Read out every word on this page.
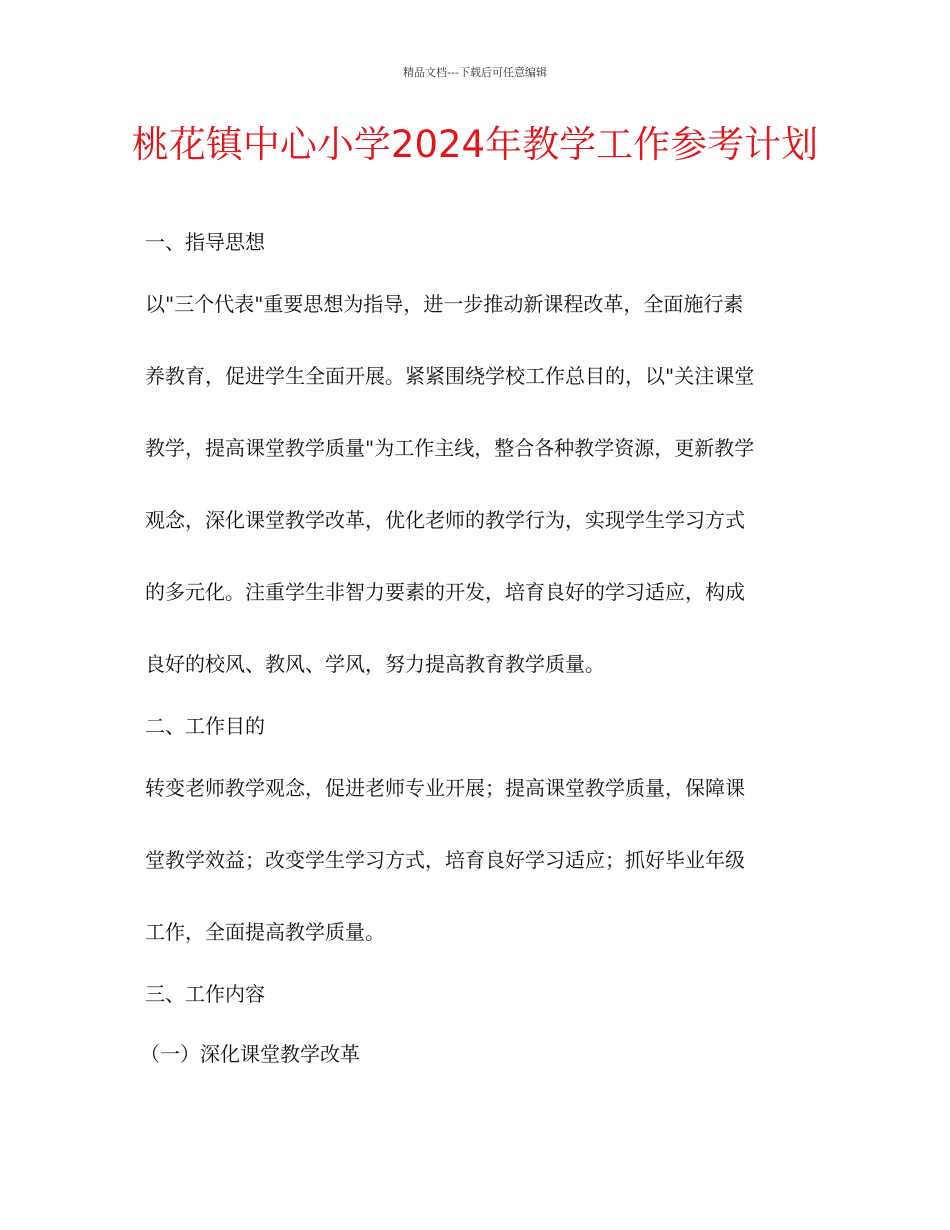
精品文档---下载后可任意编辑
桃花镇中心小学2024年教学工作参考计划
一、指导思想
以"三个代表"重要思想为指导，进一步推动新课程改革，全面施行素
养教育，促进学生全面开展。紧紧围绕学校工作总目的，以"关注课堂
教学，提高课堂教学质量"为工作主线，整合各种教学资源，更新教学
观念，深化课堂教学改革，优化老师的教学行为，实现学生学习方式
的多元化。注重学生非智力要素的开发，培育良好的学习适应，构成
良好的校风、教风、学风，努力提高教育教学质量。
二、工作目的
转变老师教学观念，促进老师专业开展；提高课堂教学质量，保障课
堂教学效益；改变学生学习方式，培育良好学习适应；抓好毕业年级
工作，全面提高教学质量。
三、工作内容
（一）深化课堂教学改革
